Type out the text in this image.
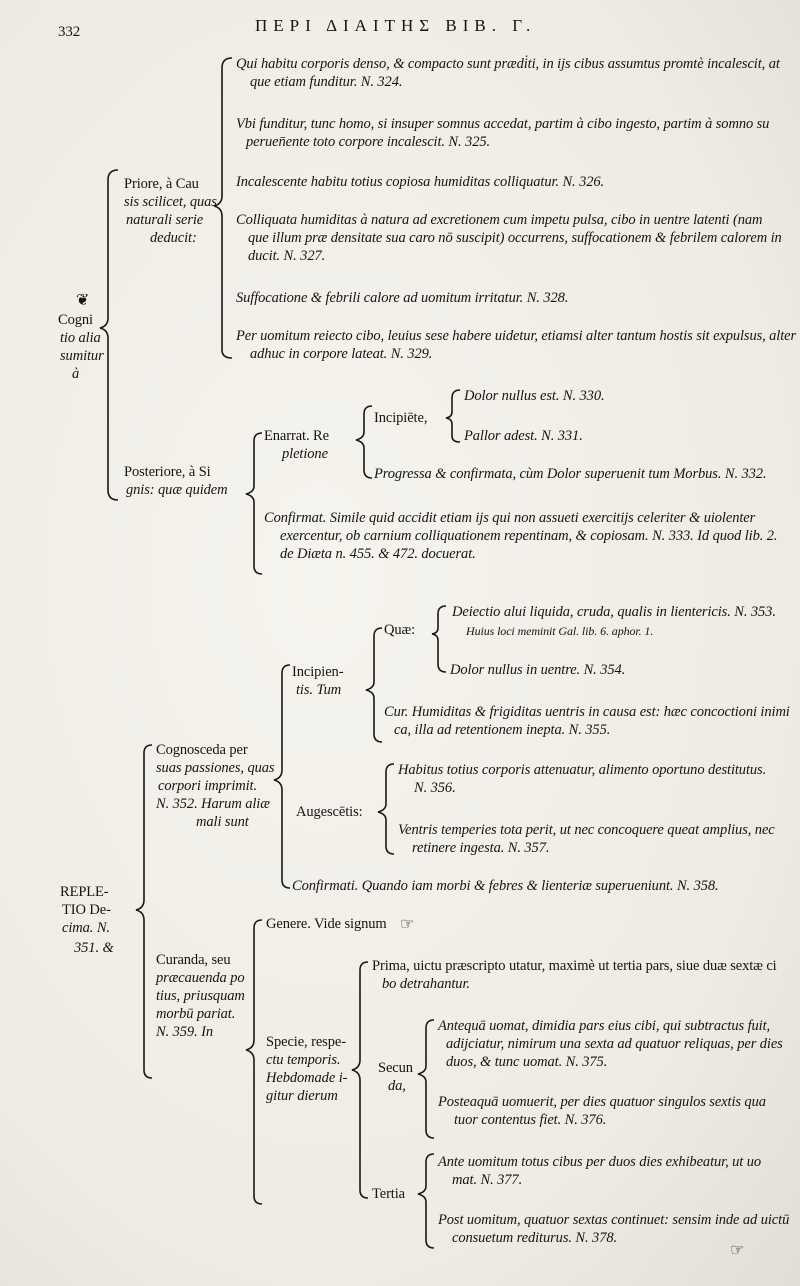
332	ΠΕΡΙ ΔΙΑΙΤΗΣ ΒΙΒ. Γ.
❦
Cogni
tio alia
sumitur
à
Priore, à Cau
sis scilicet, quas
naturali serie
deducit:
Qui habitu corporis denso, & compacto sunt prædi̇ti, in ijs cibus assumtus promtè incalescit, at
que etiam funditur. N. 324.
Vbi funditur, tunc homo, si insuper somnus accedat, partim à cibo ingesto, partim à somno su
peruen̄ente toto corpore incalescit. N. 325.
Incalescente habitu totius copiosa humiditas colliquatur. N. 326.
Colliquata humiditas à natura ad excretionem cum impetu pulsa, cibo in uentre latenti (nam
que illum præ densitate sua caro nō suscipit) occurrens, suffocationem & febrilem calorem in
ducit. N. 327.
Suffocatione & febrili calore ad uomitum irritatur. N. 328.
Per uomitum reiecto cibo, leuius sese habere uidetur, etiamsi alter tantum hostis sit expulsus, alter
adhuc in corpore lateat. N. 329.
Posteriore, à Si
gnis: quæ quidem
Enarrat. Re
pletione
Incipiēte,
Dolor nullus est. N. 330.
Pallor adest. N. 331.
Progressa & confirmata, cùm Dolor superuenit tum Morbus. N. 332.
Confirmat. Simile quid accidit etiam ijs qui non assueti exercitijs celeriter & uiolenter
exercentur, ob carnium colliquationem repentinam, & copiosam. N. 333. Id quod lib. 2.
de Diæta n. 455. & 472. docuerat.
REPLE-
TIO De-
cima. N.
351. &
Cognosceda per
suas passiones, quas
corpori imprimit.
N. 352. Harum aliæ
mali sunt
Incipien-
tis. Tum
Quæ:
Deiectio alui liquida, cruda, qualis in lientericis. N. 353.
Huius loci meminit Gal. lib. 6. aphor. 1.
Dolor nullus in uentre. N. 354.
Cur. Humiditas & frigiditas uentris in causa est: hæc concoctioni inimi
ca, illa ad retentionem inepta. N. 355.
Augescētis:
Habitus totius corporis attenuatur, alimento oportuno destitutus.
N. 356.
Ventris temperies tota perit, ut nec concoquere queat amplius, nec
retinere ingesta. N. 357.
Confirmati. Quando iam morbi & febres & lienteriæ superueniunt. N. 358.
Curanda, seu
præcauenda po
tius, priusquam
morbū pariat.
N. 359. In
Genere. Vide signum ☞
Specie, respe-
ctu temporis.
Hebdomade i-
gitur dierum
Prima, uictu præscripto utatur, maximè ut tertia pars, siue duæ sextæ ci
bo detrahantur.
Secun
da,
Antequā uomat, dimidia pars eius cibi, qui subtractus fuit,
adijciatur, nimirum una sexta ad quatuor reliquas, per dies
duos, & tunc uomat. N. 375.
Posteaquā uomuerit, per dies quatuor singulos sextis qua
tuor contentus fiet. N. 376.
Tertia
Ante uomitum totus cibus per duos dies exhibeatur, ut uo
mat. N. 377.
Post uomitum, quatuor sextas continuet: sensim inde ad uictū
consuetum rediturus. N. 378.
☞
